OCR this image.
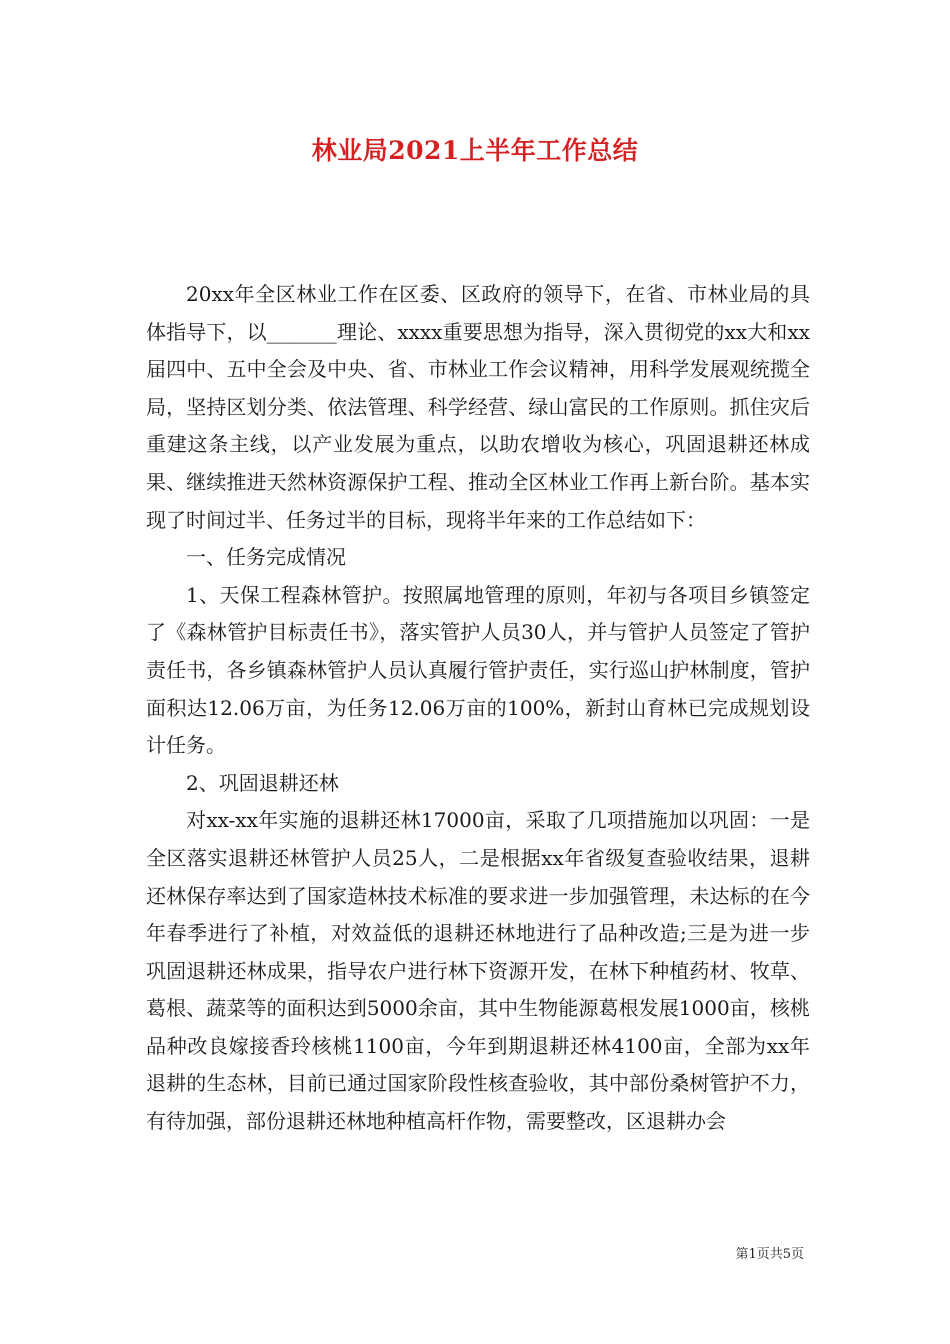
林业局2021上半年工作总结

20xx年全区林业工作在区委、区政府的领导下，在省、市林业局的具体指导下，以_______理论、xxxx重要思想为指导，深入贯彻党的xx大和xx届四中、五中全会及中央、省、市林业工作会议精神，用科学发展观统揽全局，坚持区划分类、依法管理、科学经营、绿山富民的工作原则。抓住灾后重建这条主线，以产业发展为重点，以助农增收为核心，巩固退耕还林成果、继续推进天然林资源保护工程、推动全区林业工作再上新台阶。基本实现了时间过半、任务过半的目标，现将半年来的工作总结如下：

一、任务完成情况

1、天保工程森林管护。按照属地管理的原则，年初与各项目乡镇签定了《森林管护目标责任书》，落实管护人员30人，并与管护人员签定了管护责任书，各乡镇森林管护人员认真履行管护责任，实行巡山护林制度，管护面积达12.06万亩，为任务12.06万亩的100%，新封山育林已完成规划设计任务。

2、巩固退耕还林

对xx-xx年实施的退耕还林17000亩，采取了几项措施加以巩固：一是全区落实退耕还林管护人员25人，二是根据xx年省级复查验收结果，退耕还林保存率达到了国家造林技术标准的要求进一步加强管理，未达标的在今年春季进行了补植，对效益低的退耕还林地进行了品种改造;三是为进一步巩固退耕还林成果，指导农户进行林下资源开发，在林下种植药材、牧草、葛根、蔬菜等的面积达到5000余亩，其中生物能源葛根发展1000亩，核桃品种改良嫁接香玲核桃1100亩，今年到期退耕还林4100亩，全部为xx年退耕的生态林，目前已通过国家阶段性核查验收，其中部份桑树管护不力，有待加强，部份退耕还林地种植高杆作物，需要整改，区退耕办会

第1页共5页
